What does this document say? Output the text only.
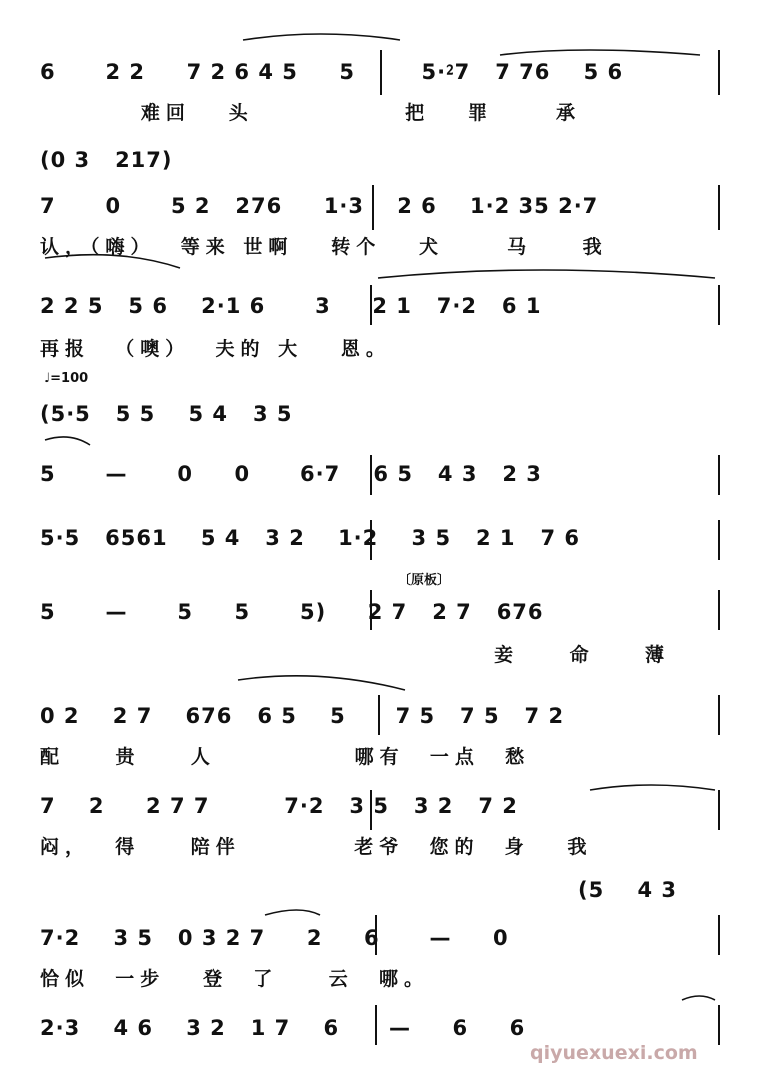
6      2 2     7 2 6 4 5     5        5·⁲7   7 76    5 6
难回   头            把   罪     承
(0 3   217)
7      0      5 2   276     1·3    2 6    1·2 35 2·7
认，（嗨）  等来 世啊   转个   犬     马    我
2 2 5   5 6    2·1 6      3     2 1   7·2   6 1
再报  （噢）  夫的 大   恩。
♩=100
(5·5   5 5    5 4   3 5
5      —      0     0      6·7    6 5   4 3   2 3
5·5   6561    5 4   3 2    1·2    3 5   2 1   7 6
〔原板〕
5      —      5     5      5)     2 7   2 7   676
妾    命    薄
0 2    2 7    676   6 5    5      7 5   7 5   7 2
配    贵    人           哪有  一点  愁
7    2     2 7 7         7·2   3 5   3 2   7 2
闷，  得    陪伴         老爷  您的  身   我
(5    4 3
7·2    3 5   0 3 2 7     2     6      —     0
恰似  一步   登  了    云  哪。
2·3    4 6    3 2   1 7    6      —     6     6
qiyuexuexi.com
